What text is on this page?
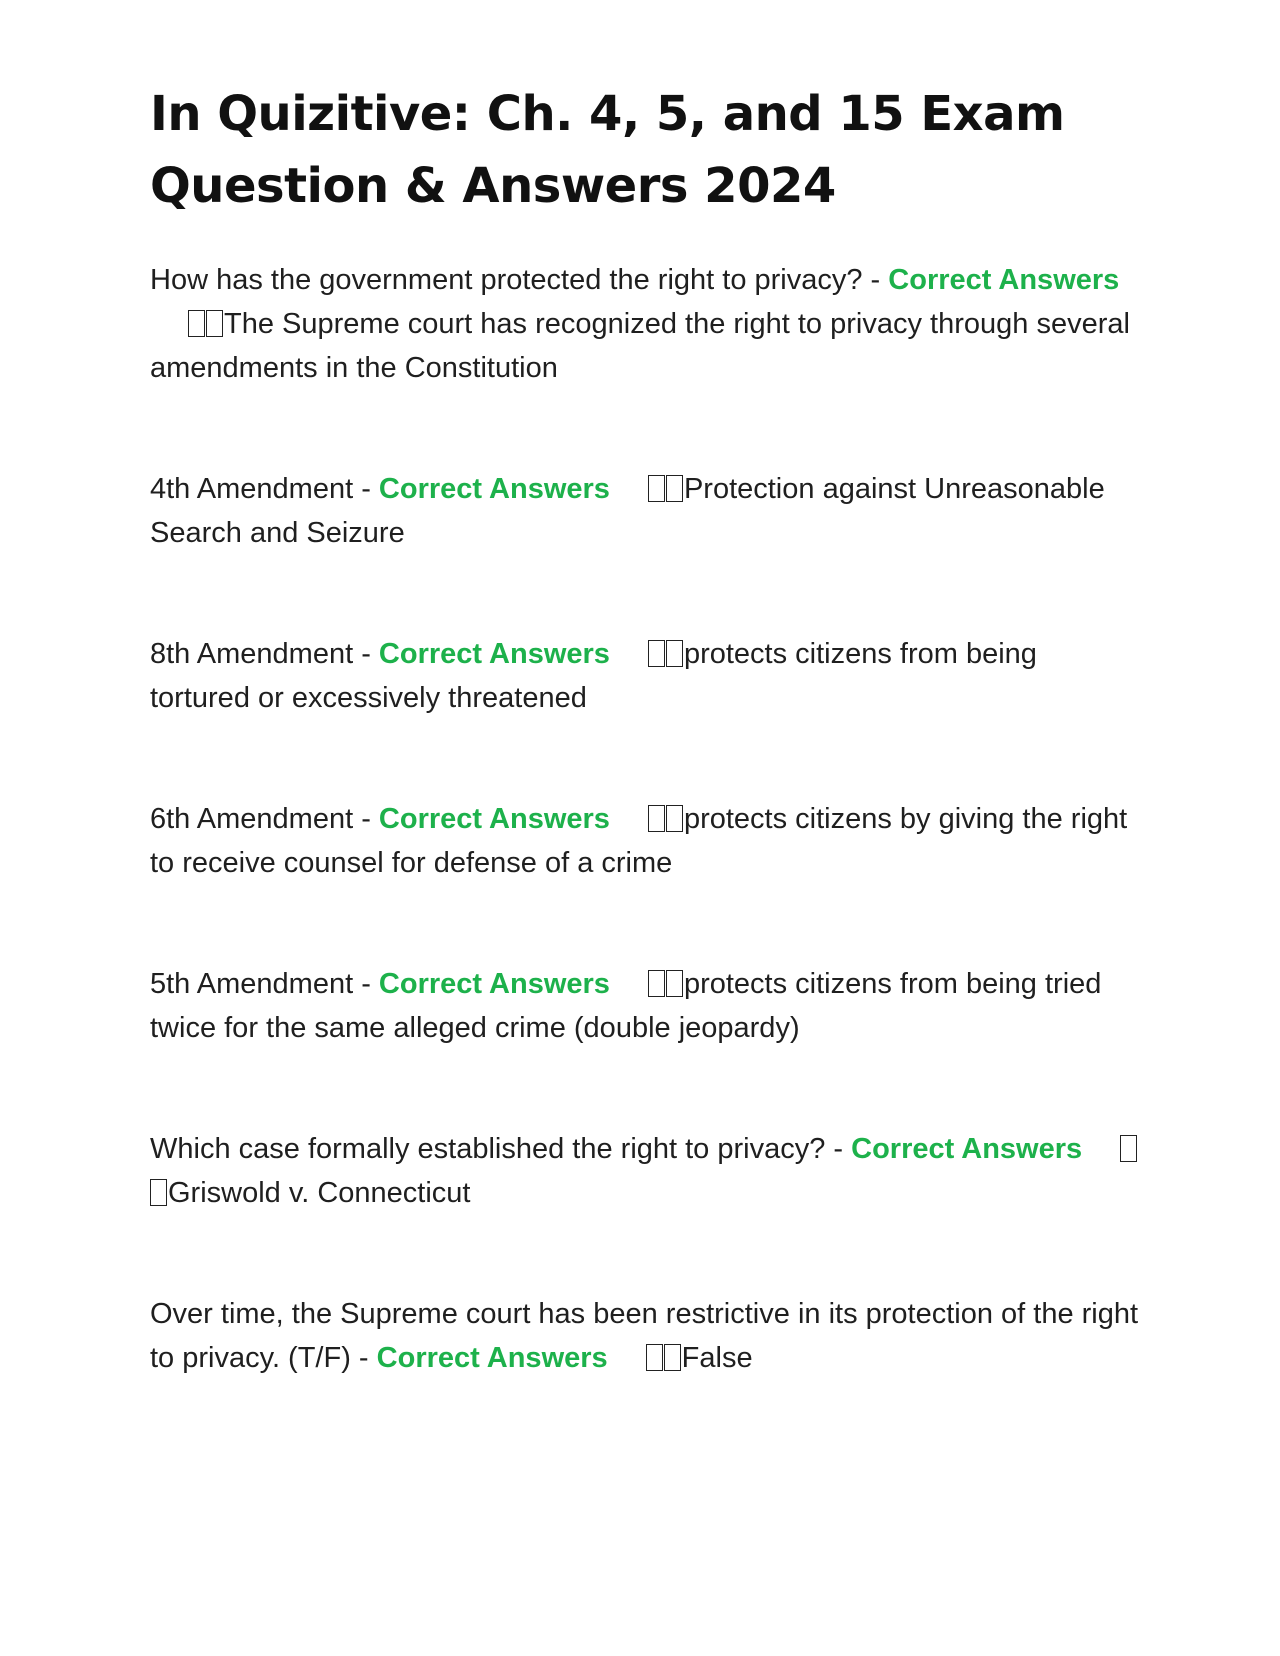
In Quizitive: Ch. 4, 5, and 15 Exam Question & Answers 2024
How has the government protected the right to privacy? - Correct AnswersThe Supreme court has recognized the right to privacy through several amendments in the Constitution
4th Amendment - Correct Answers	Protection against Unreasonable Search and Seizure
8th Amendment - Correct Answers	protects citizens from being tortured or excessively threatened
6th Amendment - Correct Answers	protects citizens by giving the right to receive counsel for defense of a crime
5th Amendment - Correct Answers	protects citizens from being tried twice for the same alleged crime (double jeopardy)
Which case formally established the right to privacy? - Correct AnswersGriswold v. Connecticut
Over time, the Supreme court has been restrictive in its protection of the right to privacy. (T/F) - Correct Answers	False
